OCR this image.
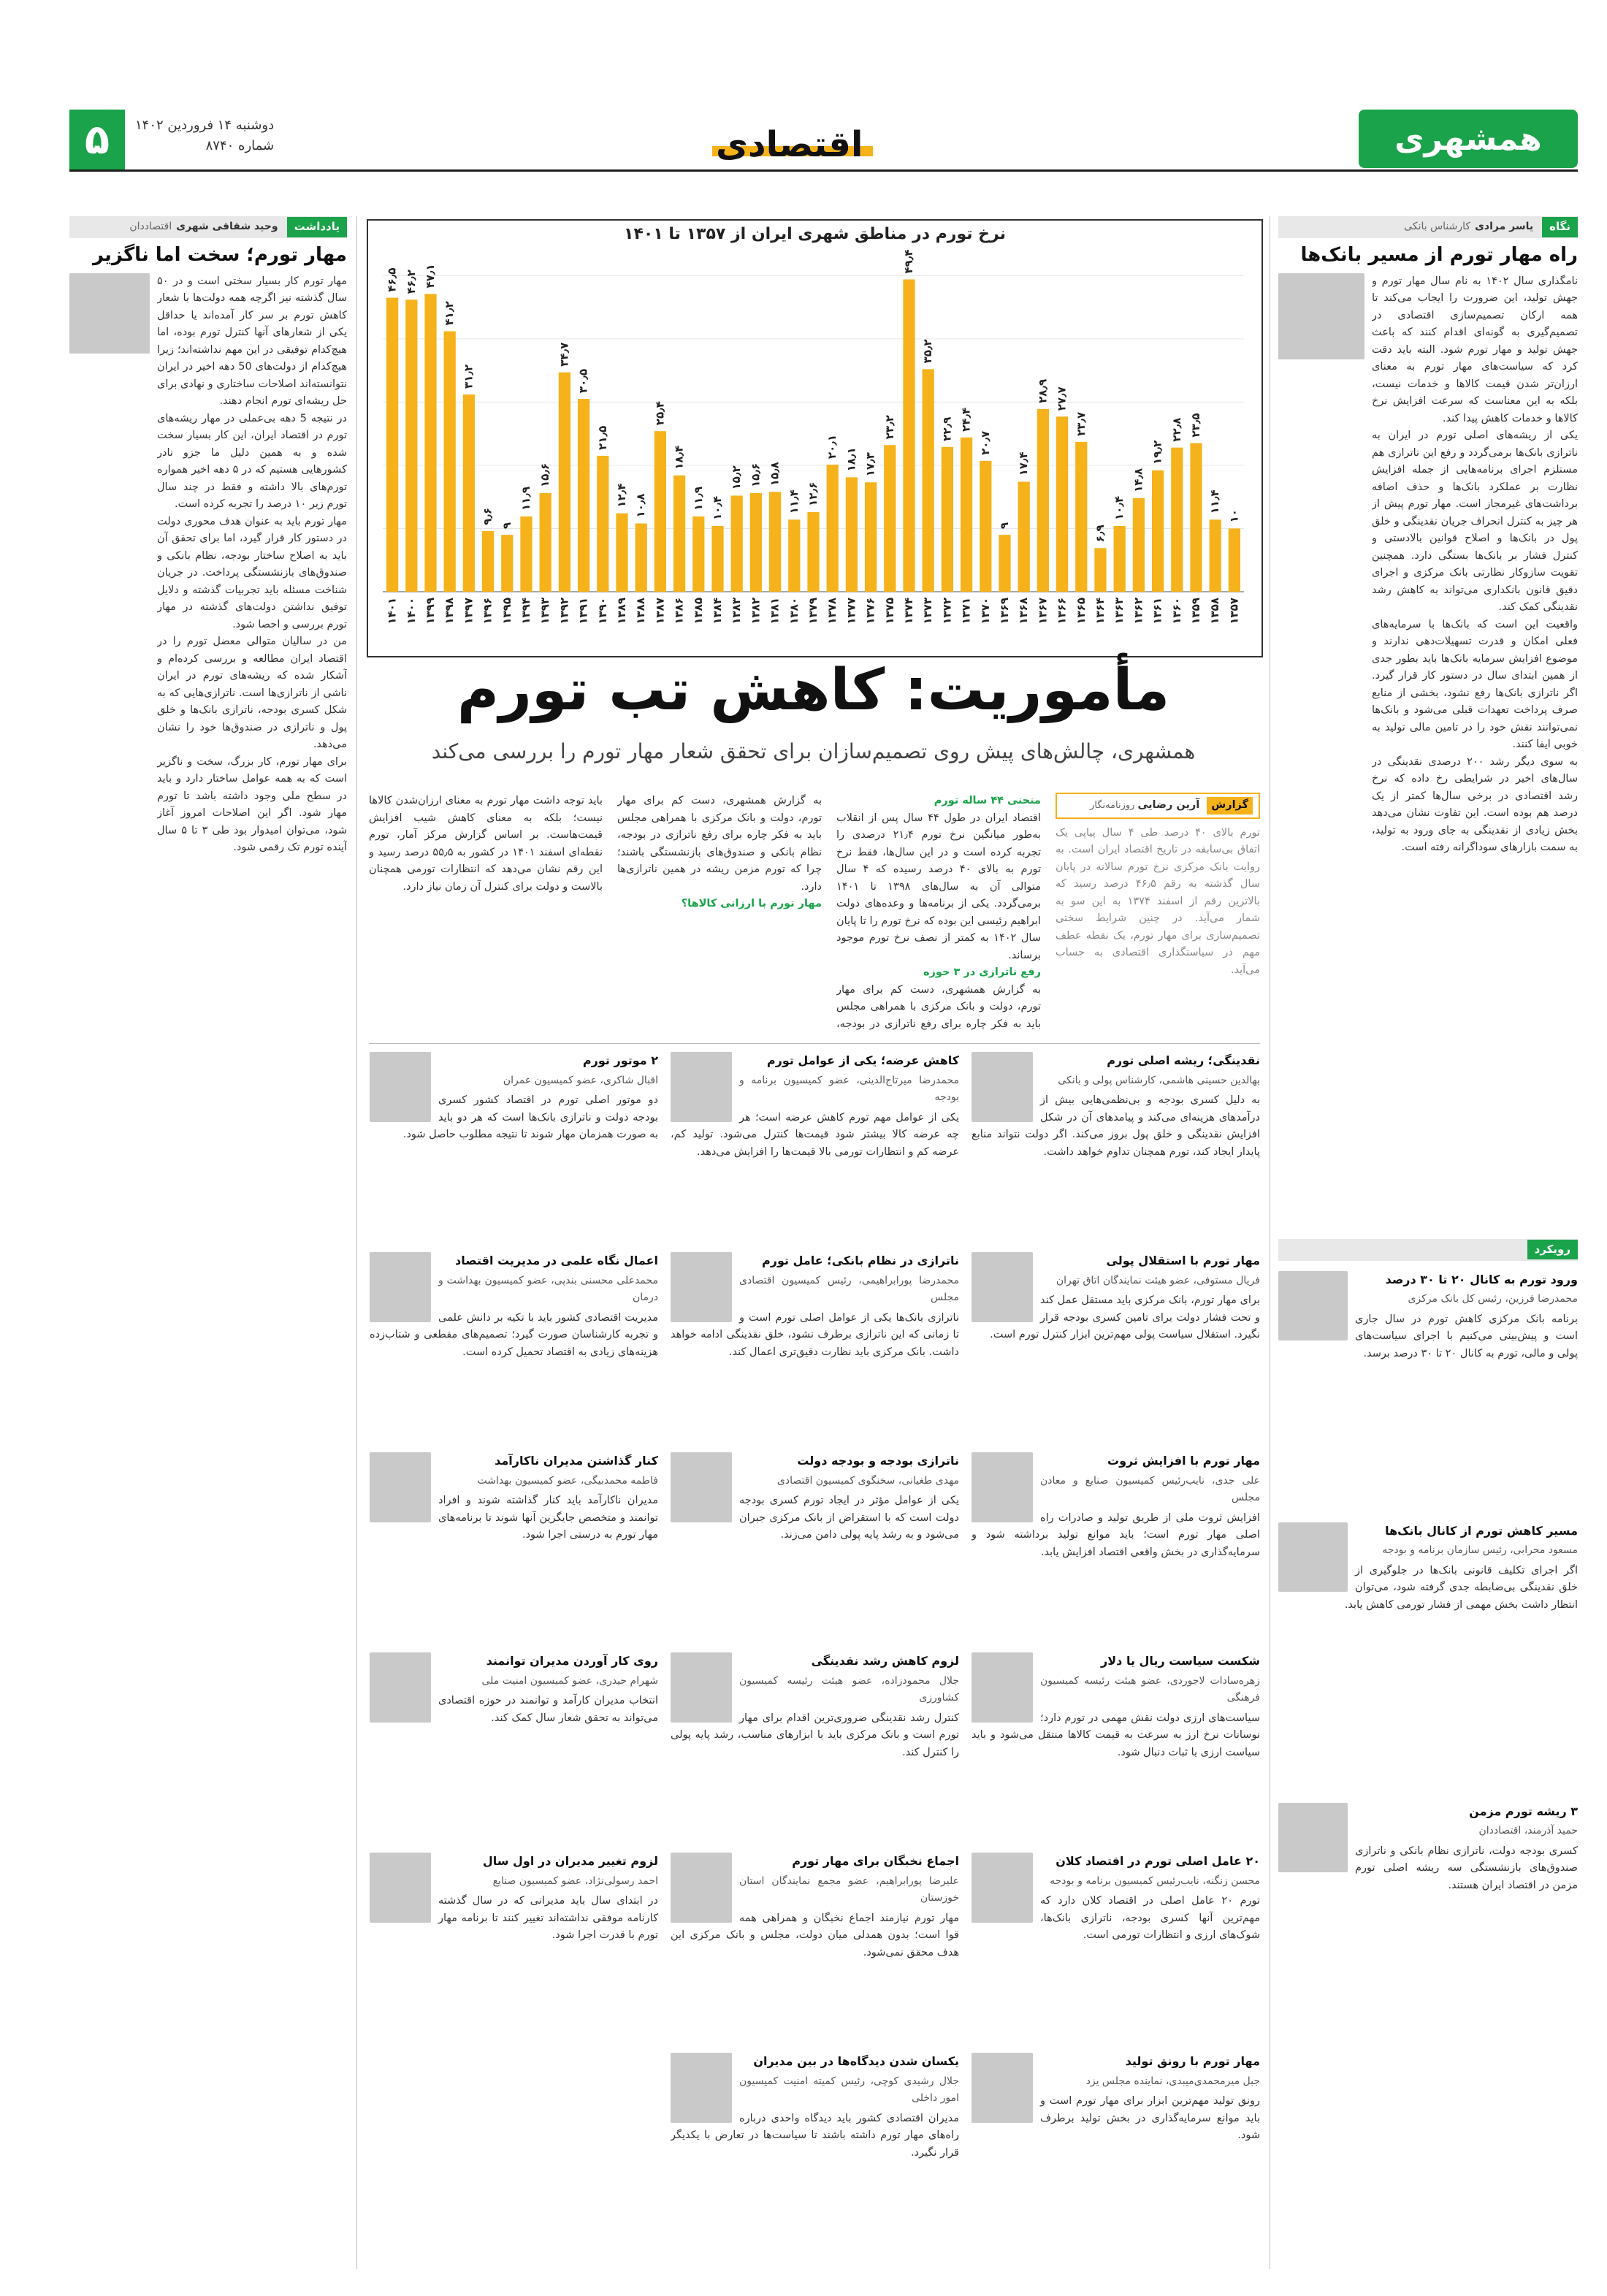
همشهری
اقتصادی
دوشنبه ۱۴ فروردین ۱۴۰۲
شماره ۸۷۴۰
۵
نگاه
یاسر مرادی
کارشناس بانکی
راه مهار تورم از مسیر بانک‌ها
نامگذاری سال ۱۴۰۲ به نام سال مهار تورم و جهش تولید، این ضرورت را ایجاب می‌کند تا همه ارکان تصمیم‌سازی اقتصادی در تصمیم‌گیری به گونه‌ای اقدام کنند که باعث جهش تولید و مهار تورم شود. البته باید دقت کرد که سیاست‌های مهار تورم به معنای ارزان‌تر شدن قیمت کالاها و خدمات نیست، بلکه به این معناست که سرعت افزایش نرخ کالاها و خدمات کاهش پیدا کند.
یکی از ریشه‌های اصلی تورم در ایران به ناترازی بانک‌ها برمی‌گردد و رفع این ناترازی هم مستلزم اجرای برنامه‌هایی از جمله افزایش نظارت بر عملکرد بانک‌ها و حذف اضافه برداشت‌های غیرمجاز است. مهار تورم پیش از هر چیز به کنترل انحراف جریان نقدینگی و خلق پول در بانک‌ها و اصلاح قوانین بالادستی و کنترل فشار بر بانک‌ها بستگی دارد. همچنین تقویت سازوکار نظارتی بانک مرکزی و اجرای دقیق قانون بانکداری می‌تواند به کاهش رشد نقدینگی کمک کند.
واقعیت این است که بانک‌ها با سرمایه‌های فعلی امکان و قدرت تسهیلات‌دهی ندارند و موضوع افزایش سرمایه بانک‌ها باید بطور جدی از همین ابتدای سال در دستور کار قرار گیرد. اگر ناترازی بانک‌ها رفع نشود، بخشی از منابع صرف پرداخت تعهدات قبلی می‌شود و بانک‌ها نمی‌توانند نقش خود را در تامین مالی تولید به خوبی ایفا کنند.
به سوی دیگر رشد ۲۰۰ درصدی نقدینگی در سال‌های اخیر در شرایطی رخ داده که نرخ رشد اقتصادی در برخی سال‌ها کمتر از یک درصد هم بوده است. این تفاوت نشان می‌دهد بخش زیادی از نقدینگی به جای ورود به تولید، به سمت بازارهای سوداگرانه رفته است.
رویکرد
ورود تورم به کانال ۲۰ تا ۳۰ درصد
محمدرضا فرزین، رئیس کل بانک مرکزی
برنامه بانک مرکزی کاهش تورم در سال جاری است و پیش‌بینی می‌کنیم با اجرای سیاست‌های پولی و مالی، تورم به کانال ۲۰ تا ۳۰ درصد برسد.
مسیر کاهش تورم از کانال بانک‌ها
مسعود محرابی، رئیس سازمان برنامه و بودجه
اگر اجرای تکلیف قانونی بانک‌ها در جلوگیری از خلق نقدینگی بی‌ضابطه جدی گرفته شود، می‌توان انتظار داشت بخش مهمی از فشار تورمی کاهش یابد.
۳ ریشه تورم مزمن
حمید آذرمند، اقتصاددان
کسری بودجه دولت، ناترازی نظام بانکی و ناترازی صندوق‌های بازنشستگی سه ریشه اصلی تورم مزمن در اقتصاد ایران هستند.
یادداشت
وحید شقاقی شهری
اقتصاددان
مهار تورم؛ سخت اما ناگزیر
مهار تورم کار بسیار سختی است و در ۵۰ سال گذشته نیز اگرچه همه دولت‌ها با شعار کاهش تورم بر سر کار آمده‌اند یا حداقل یکی از شعارهای آنها کنترل تورم بوده، اما هیچ‌کدام توفیقی در این مهم نداشته‌اند؛ زیرا هیچ‌کدام از دولت‌های 50 دهه اخیر در ایران نتوانسته‌اند اصلاحات ساختاری و نهادی برای حل ریشه‌ای تورم انجام دهند.
در نتیجه 5 دهه بی‌عملی در مهار ریشه‌های تورم در اقتصاد ایران، این کار بسیار سخت شده و به همین دلیل ما جزو نادر کشورهایی هستیم که در ۵ دهه اخیر همواره تورم‌های بالا داشته و فقط در چند سال تورم زیر ۱۰ درصد را تجربه کرده است.
مهار تورم باید به عنوان هدف محوری دولت در دستور کار قرار گیرد، اما برای تحقق آن باید به اصلاح ساختار بودجه، نظام بانکی و صندوق‌های بازنشستگی پرداخت. در جریان شناخت مسئله باید تجربیات گذشته و دلایل توفیق نداشتن دولت‌های گذشته در مهار تورم بررسی و احصا شود.
من در سالیان متوالی معضل تورم را در اقتصاد ایران مطالعه و بررسی کرده‌ام و آشکار شده که ریشه‌های تورم در ایران ناشی از ناترازی‌ها است. ناترازی‌هایی که به شکل کسری بودجه، ناترازی بانک‌ها و خلق پول و ناترازی در صندوق‌ها خود را نشان می‌دهد.
برای مهار تورم، کار بزرگ، سخت و ناگزیر است که به همه عوامل ساختار دارد و باید در سطح ملی وجود داشته باشد تا تورم مهار شود. اگر این اصلاحات امروز آغاز شود، می‌توان امیدوار بود طی ۳ تا ۵ سال آینده تورم تک رقمی شود.
نرخ تورم در مناطق شهری ایران از ۱۳۵۷ تا ۱۴۰۱
۱۰
۱۳۵۷
۱۱٫۴
۱۳۵۸
۲۳٫۵
۱۳۵۹
۲۲٫۸
۱۳۶۰
۱۹٫۲
۱۳۶۱
۱۴٫۸
۱۳۶۲
۱۰٫۴
۱۳۶۳
۶٫۹
۱۳۶۴
۲۳٫۷
۱۳۶۵
۲۷٫۷
۱۳۶۶
۲۸٫۹
۱۳۶۷
۱۷٫۴
۱۳۶۸
۹
۱۳۶۹
۲۰٫۷
۱۳۷۰
۲۴٫۴
۱۳۷۱
۲۲٫۹
۱۳۷۲
۳۵٫۲
۱۳۷۳
۴۹٫۴
۱۳۷۴
۲۳٫۲
۱۳۷۵
۱۷٫۳
۱۳۷۶
۱۸٫۱
۱۳۷۷
۲۰٫۱
۱۳۷۸
۱۲٫۶
۱۳۷۹
۱۱٫۴
۱۳۸۰
۱۵٫۸
۱۳۸۱
۱۵٫۶
۱۳۸۲
۱۵٫۲
۱۳۸۳
۱۰٫۴
۱۳۸۴
۱۱٫۹
۱۳۸۵
۱۸٫۴
۱۳۸۶
۲۵٫۴
۱۳۸۷
۱۰٫۸
۱۳۸۸
۱۲٫۴
۱۳۸۹
۲۱٫۵
۱۳۹۰
۳۰٫۵
۱۳۹۱
۳۴٫۷
۱۳۹۲
۱۵٫۶
۱۳۹۳
۱۱٫۹
۱۳۹۴
۹
۱۳۹۵
۹٫۶
۱۳۹۶
۳۱٫۲
۱۳۹۷
۴۱٫۲
۱۳۹۸
۴۷٫۱
۱۳۹۹
۴۶٫۲
۱۴۰۰
۴۶٫۵
۱۴۰۱
مأموریت: کاهش تب تورم
همشهری، چالش‌های پیش روی تصمیم‌سازان برای تحقق شعار مهار تورم را بررسی می‌کند
گزارش
آرین رضایی
روزنامه‌نگار
تورم بالای ۴۰ درصد طی ۴ سال پیاپی یک اتفاق بی‌سابقه در تاریخ اقتصاد ایران است. به روایت بانک مرکزی نرخ تورم سالانه در پایان سال گذشته به رقم ۴۶٫۵ درصد رسید که بالاترین رقم از اسفند ۱۳۷۴ به این سو به شمار می‌آید. در چنین شرایط سختی تصمیم‌سازی برای مهار تورم، یک نقطه عطف مهم در سیاستگذاری اقتصادی به حساب می‌آید.
منحنی ۴۴ ساله تورم
اقتصاد ایران در طول ۴۴ سال پس از انقلاب به‌طور میانگین نرخ تورم ۲۱٫۴ درصدی را تجربه کرده است و در این سال‌ها، فقط نرخ تورم به بالای ۴۰ درصد رسیده که ۴ سال متوالی آن به سال‌های ۱۳۹۸ تا ۱۴۰۱ برمی‌گردد. یکی از برنامه‌ها و وعده‌های دولت ابراهیم رئیسی این بوده که نرخ تورم را تا پایان سال ۱۴۰۲ به کمتر از نصف نرخ تورم موجود برساند.
رفع ناترازی در ۳ حوزه
به گزارش همشهری، دست کم برای مهار تورم، دولت و بانک مرکزی با همراهی مجلس باید به فکر چاره برای رفع ناترازی در بودجه،
به گزارش همشهری، دست کم برای مهار تورم، دولت و بانک مرکزی با همراهی مجلس باید به فکر چاره برای رفع ناترازی در بودجه، نظام بانکی و صندوق‌های بازنشستگی باشند؛ چرا که تورم مزمن ریشه در همین ناترازی‌ها دارد.
مهار تورم با ارزانی کالاها؟
باید توجه داشت مهار تورم به معنای ارزان‌شدن کالاها نیست؛ بلکه به معنای کاهش شیب افزایش قیمت‌هاست. بر اساس گزارش مرکز آمار، تورم نقطه‌ای اسفند ۱۴۰۱ در کشور به ۵۵٫۵ درصد رسید و این رقم نشان می‌دهد که انتظارات تورمی همچنان بالاست و دولت برای کنترل آن زمان نیاز دارد.
نقدینگی؛ ریشه اصلی تورم
بهالدین حسینی هاشمی، کارشناس پولی و بانکی
به دلیل کسری بودجه و بی‌نظمی‌هایی بیش از درآمدهای هزینه‌ای می‌کند و پیامدهای آن در شکل افزایش نقدینگی و خلق پول بروز می‌کند. اگر دولت نتواند منابع پایدار ایجاد کند، تورم همچنان تداوم خواهد داشت.
کاهش عرضه؛ یکی از عوامل تورم
محمدرضا میرتاج‌الدینی، عضو کمیسیون برنامه و بودجه
یکی از عوامل مهم تورم کاهش عرضه است؛ هر چه عرضه کالا بیشتر شود قیمت‌ها کنترل می‌شود. تولید کم، عرضه کم و انتظارات تورمی بالا قیمت‌ها را افزایش می‌دهد.
۲ موتور تورم
اقبال شاکری، عضو کمیسیون عمران
دو موتور اصلی تورم در اقتصاد کشور کسری بودجه دولت و ناترازی بانک‌ها است که هر دو باید به صورت همزمان مهار شوند تا نتیجه مطلوب حاصل شود.
مهار تورم با استقلال پولی
فریال مستوفی، عضو هیئت نمایندگان اتاق تهران
برای مهار تورم، بانک مرکزی باید مستقل عمل کند و تحت فشار دولت برای تامین کسری بودجه قرار نگیرد. استقلال سیاست پولی مهم‌ترین ابزار کنترل تورم است.
ناترازی در نظام بانکی؛ عامل تورم
محمدرضا پورابراهیمی، رئیس کمیسیون اقتصادی مجلس
ناترازی بانک‌ها یکی از عوامل اصلی تورم است و تا زمانی که این ناترازی برطرف نشود، خلق نقدینگی ادامه خواهد داشت. بانک مرکزی باید نظارت دقیق‌تری اعمال کند.
اعمال نگاه علمی در مدیریت اقتصاد
محمدعلی محسنی بندپی، عضو کمیسیون بهداشت و درمان
مدیریت اقتصادی کشور باید با تکیه بر دانش علمی و تجربه کارشناسان صورت گیرد؛ تصمیم‌های مقطعی و شتاب‌زده هزینه‌های زیادی به اقتصاد تحمیل کرده است.
مهار تورم با افزایش ثروت
علی جدی، نایب‌رئیس کمیسیون صنایع و معادن مجلس
افزایش ثروت ملی از طریق تولید و صادرات راه اصلی مهار تورم است؛ باید موانع تولید برداشته شود و سرمایه‌گذاری در بخش واقعی اقتصاد افزایش یابد.
ناترازی بودجه و بودجه دولت
مهدی طغیانی، سخنگوی کمیسیون اقتصادی
یکی از عوامل مؤثر در ایجاد تورم کسری بودجه دولت است که با استقراض از بانک مرکزی جبران می‌شود و به رشد پایه پولی دامن می‌زند.
کنار گذاشتن مدیران ناکارآمد
فاطمه محمدبیگی، عضو کمیسیون بهداشت
مدیران ناکارآمد باید کنار گذاشته شوند و افراد توانمند و متخصص جایگزین آنها شوند تا برنامه‌های مهار تورم به درستی اجرا شود.
شکست سیاست ریال یا دلار
زهره‌سادات لاجوردی، عضو هیئت رئیسه کمیسیون فرهنگی
سیاست‌های ارزی دولت نقش مهمی در تورم دارد؛ نوسانات نرخ ارز به سرعت به قیمت کالاها منتقل می‌شود و باید سیاست ارزی با ثبات دنبال شود.
لزوم کاهش رشد نقدینگی
جلال محمودزاده، عضو هیئت رئیسه کمیسیون کشاورزی
کنترل رشد نقدینگی ضروری‌ترین اقدام برای مهار تورم است و بانک مرکزی باید با ابزارهای مناسب، رشد پایه پولی را کنترل کند.
روی کار آوردن مدیران توانمند
شهرام حیدری، عضو کمیسیون امنیت ملی
انتخاب مدیران کارآمد و توانمند در حوزه اقتصادی می‌تواند به تحقق شعار سال کمک کند.
۲۰ عامل اصلی تورم در اقتصاد کلان
محسن زنگنه، نایب‌رئیس کمیسیون برنامه و بودجه
تورم ۲۰ عامل اصلی در اقتصاد کلان دارد که مهم‌ترین آنها کسری بودجه، ناترازی بانک‌ها، شوک‌های ارزی و انتظارات تورمی است.
اجماع نخبگان برای مهار تورم
علیرضا پورابراهیم، عضو مجمع نمایندگان استان خوزستان
مهار تورم نیازمند اجماع نخبگان و همراهی همه قوا است؛ بدون همدلی میان دولت، مجلس و بانک مرکزی این هدف محقق نمی‌شود.
لزوم تغییر مدیران در اول سال
احمد رسولی‌نژاد، عضو کمیسیون صنایع
در ابتدای سال باید مدیرانی که در سال گذشته کارنامه موفقی نداشته‌اند تغییر کنند تا برنامه مهار تورم با قدرت اجرا شود.
مهار تورم با رونق تولید
جبل میرمحمدی‌میبدی، نماینده مجلس یزد
رونق تولید مهم‌ترین ابزار برای مهار تورم است و باید موانع سرمایه‌گذاری در بخش تولید برطرف شود.
یکسان شدن دیدگاه‌ها در بین مدیران
جلال رشیدی کوچی، رئیس کمیته امنیت کمیسیون امور داخلی
مدیران اقتصادی کشور باید دیدگاه واحدی درباره راه‌های مهار تورم داشته باشند تا سیاست‌ها در تعارض با یکدیگر قرار نگیرد.
